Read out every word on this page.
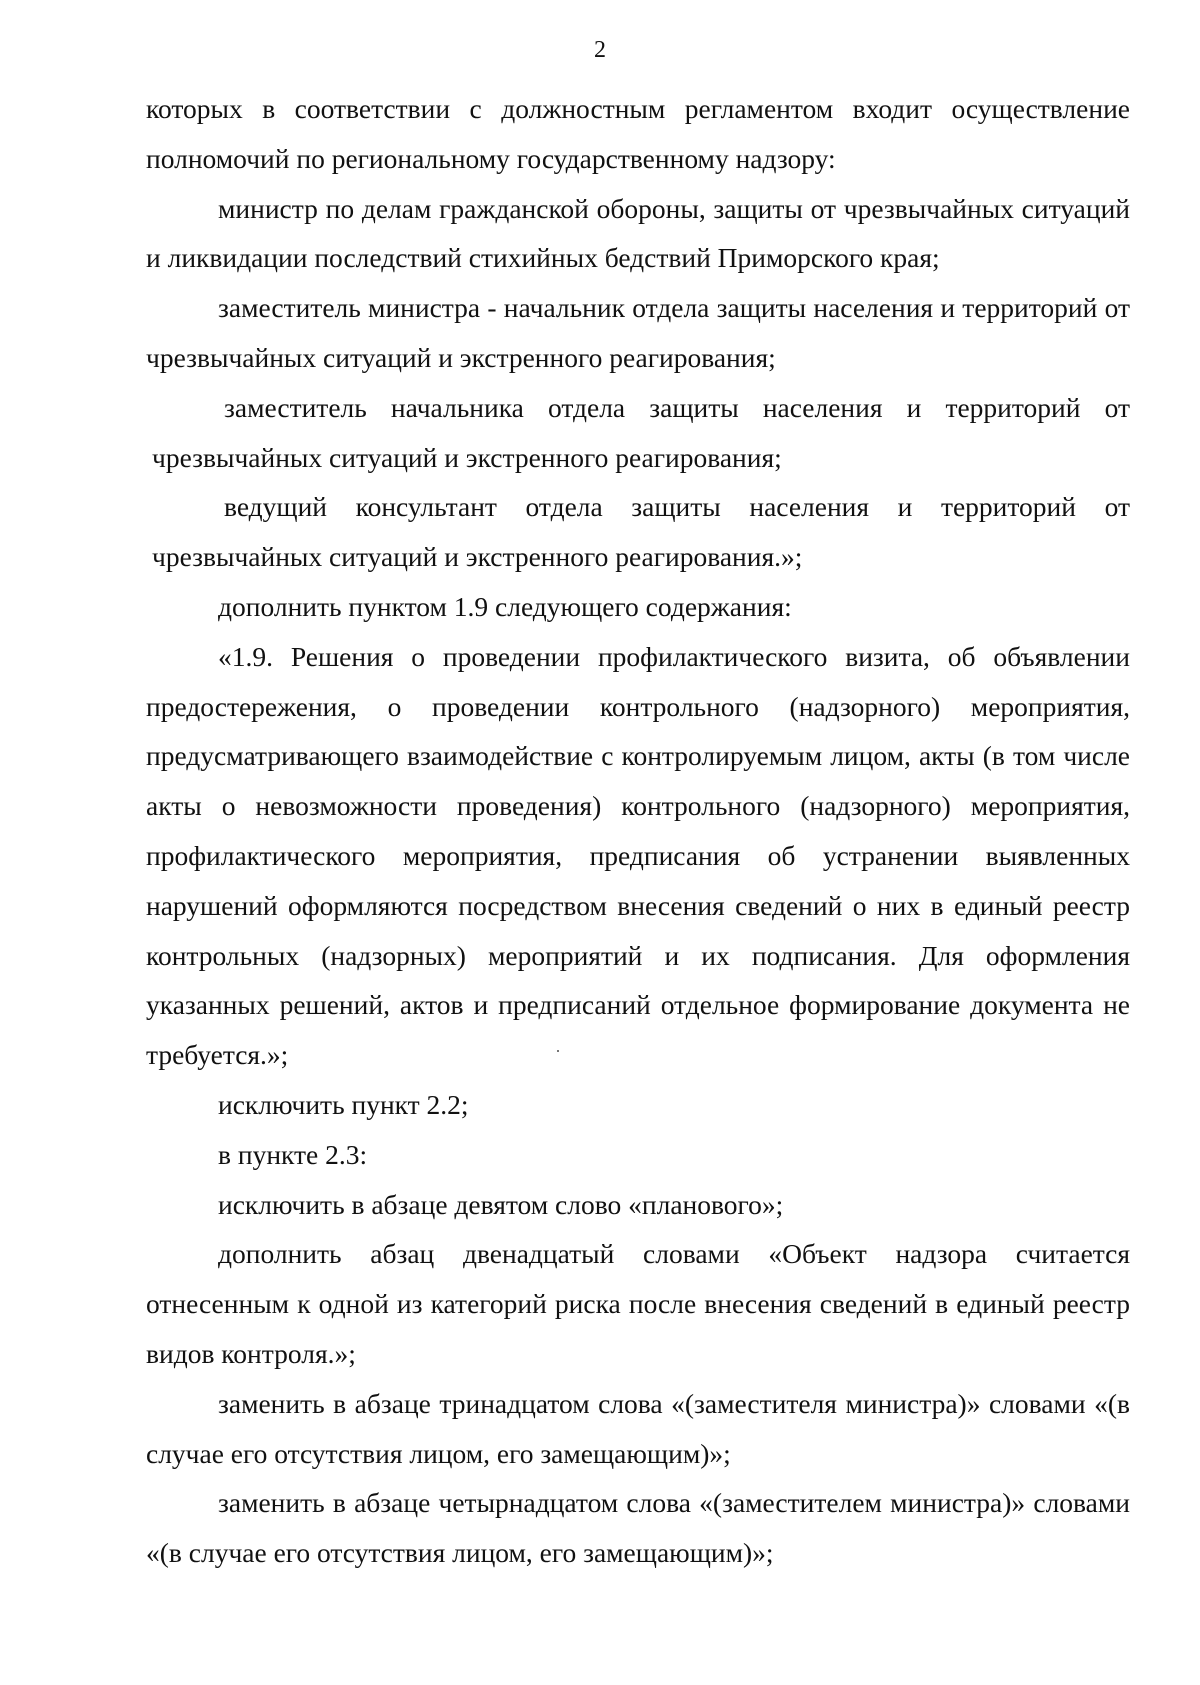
2

которых в соответствии с должностным регламентом входит осуществление полномочий по региональному государственному надзору:

министр по делам гражданской обороны, защиты от чрезвычайных ситуаций и ликвидации последствий стихийных бедствий Приморского края;

заместитель министра - начальник отдела защиты населения и территорий от чрезвычайных ситуаций и экстренного реагирования;

заместитель начальника отдела защиты населения и территорий от чрезвычайных ситуаций и экстренного реагирования;

ведущий консультант отдела защиты населения и территорий от чрезвычайных ситуаций и экстренного реагирования.»;

дополнить пунктом 1.9 следующего содержания:

«1.9. Решения о проведении профилактического визита, об объявлении предостережения, о проведении контрольного (надзорного) мероприятия, предусматривающего взаимодействие с контролируемым лицом, акты (в том числе акты о невозможности проведения) контрольного (надзорного) мероприятия, профилактического мероприятия, предписания об устранении выявленных нарушений оформляются посредством внесения сведений о них в единый реестр контрольных (надзорных) мероприятий и их подписания. Для оформления указанных решений, актов и предписаний отдельное формирование документа не требуется.»;

исключить пункт 2.2;

в пункте 2.3:

исключить в абзаце девятом слово «планового»;

дополнить абзац двенадцатый словами «Объект надзора считается отнесенным к одной из категорий риска после внесения сведений в единый реестр видов контроля.»;

заменить в абзаце тринадцатом слова «(заместителя министра)» словами «(в случае его отсутствия лицом, его замещающим)»;

заменить в абзаце четырнадцатом слова «(заместителем министра)» словами «(в случае его отсутствия лицом, его замещающим)»;
